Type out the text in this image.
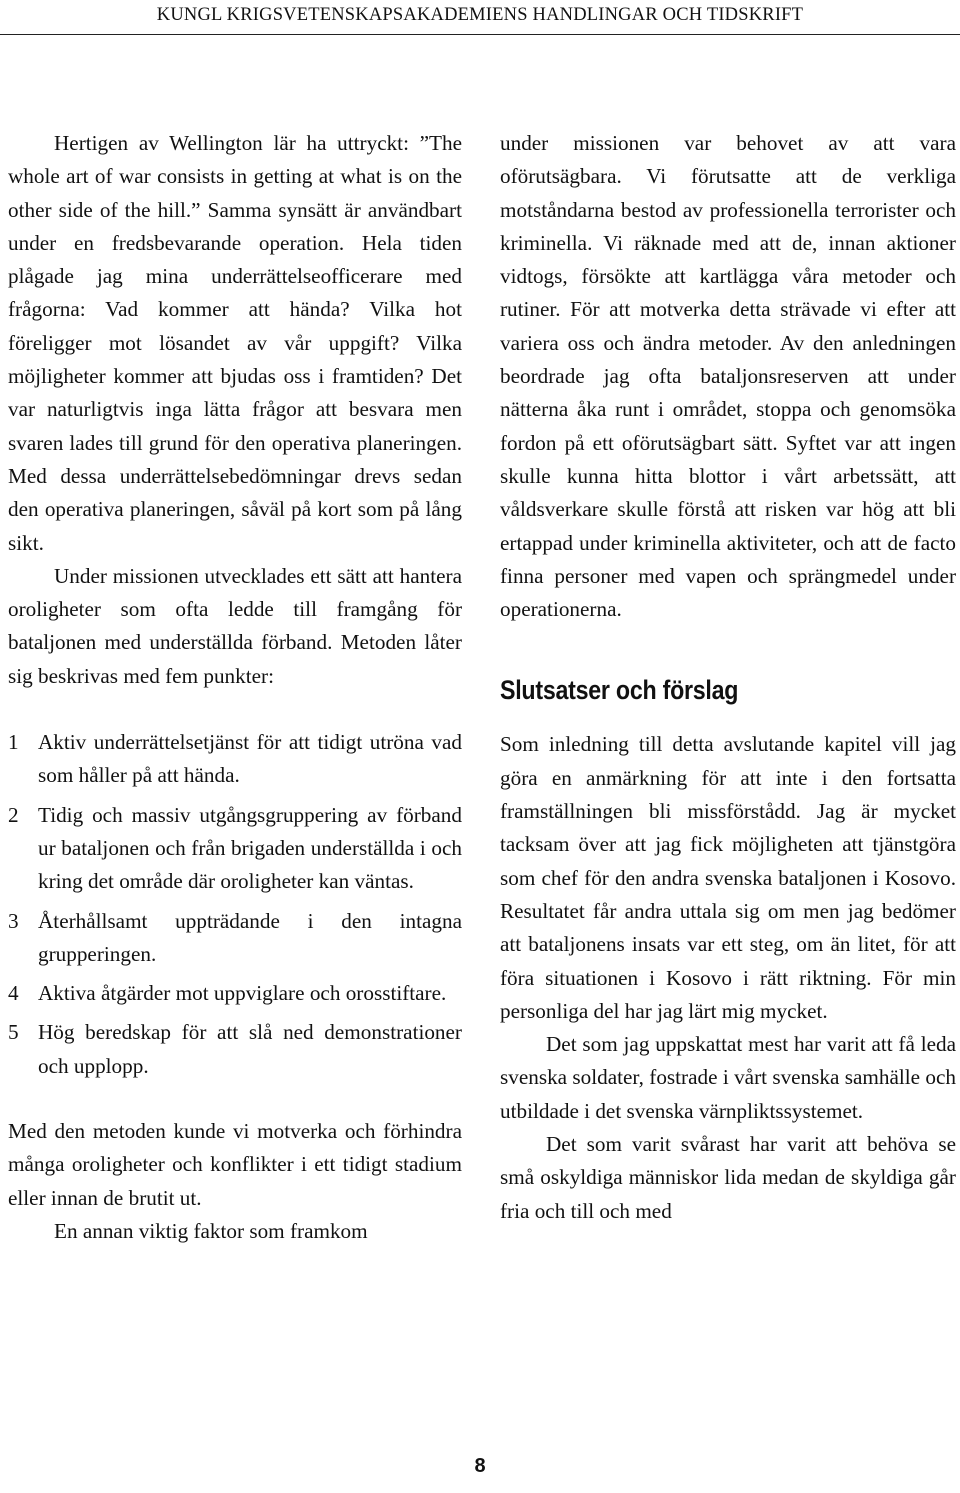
KUNGL KRIGSVETENSKAPSAKADEMIENS HANDLINGAR OCH TIDSKRIFT

Hertigen av Wellington lär ha uttryckt: ”The whole art of war consists in getting at what is on the other side of the hill.” Samma synsätt är användbart under en fredsbevarande operation. Hela tiden plågade jag mina underrättelseofficerare med frågorna: Vad kommer att hända? Vilka hot föreligger mot lösandet av vår uppgift? Vilka möjligheter kommer att bjudas oss i framtiden? Det var naturligtvis inga lätta frågor att besvara men svaren lades till grund för den operativa planeringen. Med dessa underrättelsebedömningar drevs sedan den operativa planeringen, såväl på kort som på lång sikt.

Under missionen utvecklades ett sätt att hantera oroligheter som ofta ledde till framgång för bataljonen med underställda förband. Metoden låter sig beskrivas med fem punkter:

1 Aktiv underrättelsetjänst för att tidigt utröna vad som håller på att hända.
2 Tidig och massiv utgångsgruppering av förband ur bataljonen och från brigaden underställda i och kring det område där oroligheter kan väntas.
3 Återhållsamt uppträdande i den intagna grupperingen.
4 Aktiva åtgärder mot uppviglare och orosstiftare.
5 Hög beredskap för att slå ned demonstrationer och upplopp.

Med den metoden kunde vi motverka och förhindra många oroligheter och konflikter i ett tidigt stadium eller innan de brutit ut.

En annan viktig faktor som framkom

under missionen var behovet av att vara oförutsägbara. Vi förutsatte att de verkliga motståndarna bestod av professionella terrorister och kriminella. Vi räknade med att de, innan aktioner vidtogs, försökte att kartlägga våra metoder och rutiner. För att motverka detta strävade vi efter att variera oss och ändra metoder. Av den anledningen beordrade jag ofta bataljonsreserven att under nätterna åka runt i området, stoppa och genomsöka fordon på ett oförutsägbart sätt. Syftet var att ingen skulle kunna hitta blottor i vårt arbetssätt, att våldsverkare skulle förstå att risken var hög att bli ertappad under kriminella aktiviteter, och att de facto finna personer med vapen och sprängmedel under operationerna.

Slutsatser och förslag

Som inledning till detta avslutande kapitel vill jag göra en anmärkning för att inte i den fortsatta framställningen bli missförstådd. Jag är mycket tacksam över att jag fick möjligheten att tjänstgöra som chef för den andra svenska bataljonen i Kosovo. Resultatet får andra uttala sig om men jag bedömer att bataljonens insats var ett steg, om än litet, för att föra situationen i Kosovo i rätt riktning. För min personliga del har jag lärt mig mycket.

Det som jag uppskattat mest har varit att få leda svenska soldater, fostrade i vårt svenska samhälle och utbildade i det svenska värnpliktssystemet.

Det som varit svårast har varit att behöva se små oskyldiga människor lida medan de skyldiga går fria och till och med

8
